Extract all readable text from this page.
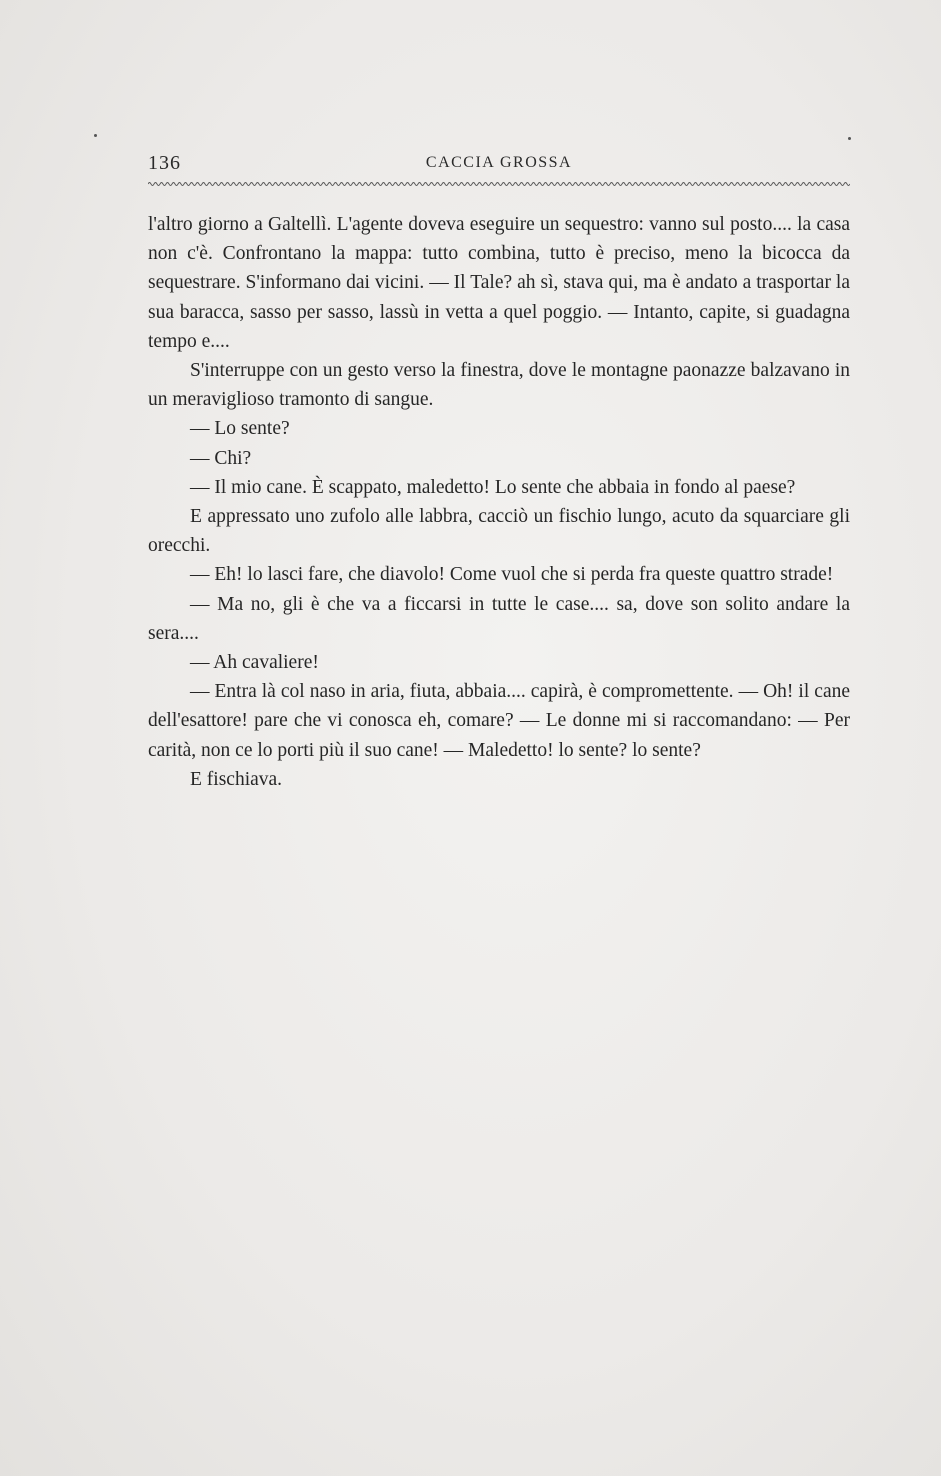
136	CACCIA GROSSA

l'altro giorno a Galtellì. L'agente doveva eseguire un sequestro: vanno sul posto.... la casa non c'è. Confrontano la mappa: tutto combina, tutto è preciso, meno la bicocca da sequestrare. S'informano dai vicini. — Il Tale? ah sì, stava qui, ma è andato a trasportar la sua baracca, sasso per sasso, lassù in vetta a quel poggio. — Intanto, capite, si guadagna tempo e....

S'interruppe con un gesto verso la finestra, dove le montagne paonazze balzavano in un meraviglioso tramonto di sangue.

— Lo sente?

— Chi?

— Il mio cane. È scappato, maledetto! Lo sente che abbaia in fondo al paese?

E appressato uno zufolo alle labbra, cacciò un fischio lungo, acuto da squarciare gli orecchi.

— Eh! lo lasci fare, che diavolo! Come vuol che si perda fra queste quattro strade!

— Ma no, gli è che va a ficcarsi in tutte le case.... sa, dove son solito andare la sera....

— Ah cavaliere!

— Entra là col naso in aria, fiuta, abbaia.... capirà, è compromettente. — Oh! il cane dell'esattore! pare che vi conosca eh, comare? — Le donne mi si raccomandano: — Per carità, non ce lo porti più il suo cane! — Maledetto! lo sente? lo sente?

E fischiava.
